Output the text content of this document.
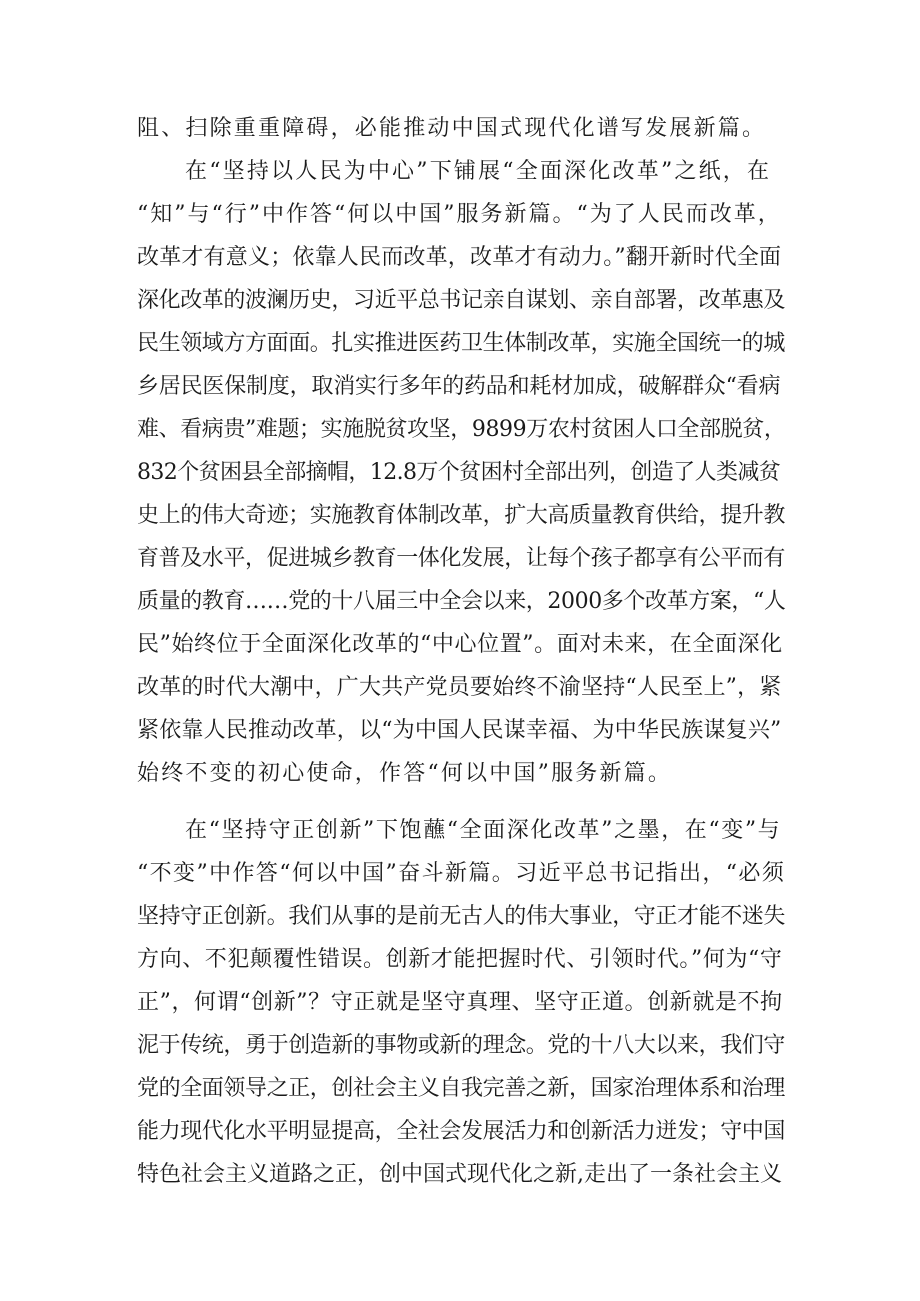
阻、扫除重重障碍，必能推动中国式现代化谱写发展新篇。
在“坚持以人民为中心”下铺展“全面深化改革”之纸，在
“知”与“行”中作答“何以中国”服务新篇。“为了人民而改革，
改革才有意义；依靠人民而改革，改革才有动力。”翻开新时代全面
深化改革的波澜历史，习近平总书记亲自谋划、亲自部署，改革惠及
民生领域方方面面。扎实推进医药卫生体制改革，实施全国统一的城
乡居民医保制度，取消实行多年的药品和耗材加成，破解群众“看病
难、看病贵”难题；实施脱贫攻坚，9899万农村贫困人口全部脱贫，
832个贫困县全部摘帽，12.8万个贫困村全部出列，创造了人类减贫
史上的伟大奇迹；实施教育体制改革，扩大高质量教育供给，提升教
育普及水平，促进城乡教育一体化发展，让每个孩子都享有公平而有
质量的教育……党的十八届三中全会以来，2000多个改革方案，“人
民”始终位于全面深化改革的“中心位置”。面对未来，在全面深化
改革的时代大潮中，广大共产党员要始终不渝坚持“人民至上”，紧
紧依靠人民推动改革，以“为中国人民谋幸福、为中华民族谋复兴”
始终不变的初心使命，作答“何以中国”服务新篇。
在“坚持守正创新”下饱蘸“全面深化改革”之墨，在“变”与
“不变”中作答“何以中国”奋斗新篇。习近平总书记指出，“必须
坚持守正创新。我们从事的是前无古人的伟大事业，守正才能不迷失
方向、不犯颠覆性错误。创新才能把握时代、引领时代。”何为“守
正”，何谓“创新”？守正就是坚守真理、坚守正道。创新就是不拘
泥于传统，勇于创造新的事物或新的理念。党的十八大以来，我们守
党的全面领导之正，创社会主义自我完善之新，国家治理体系和治理
能力现代化水平明显提高，全社会发展活力和创新活力迸发；守中国
特色社会主义道路之正，创中国式现代化之新,走出了一条社会主义
